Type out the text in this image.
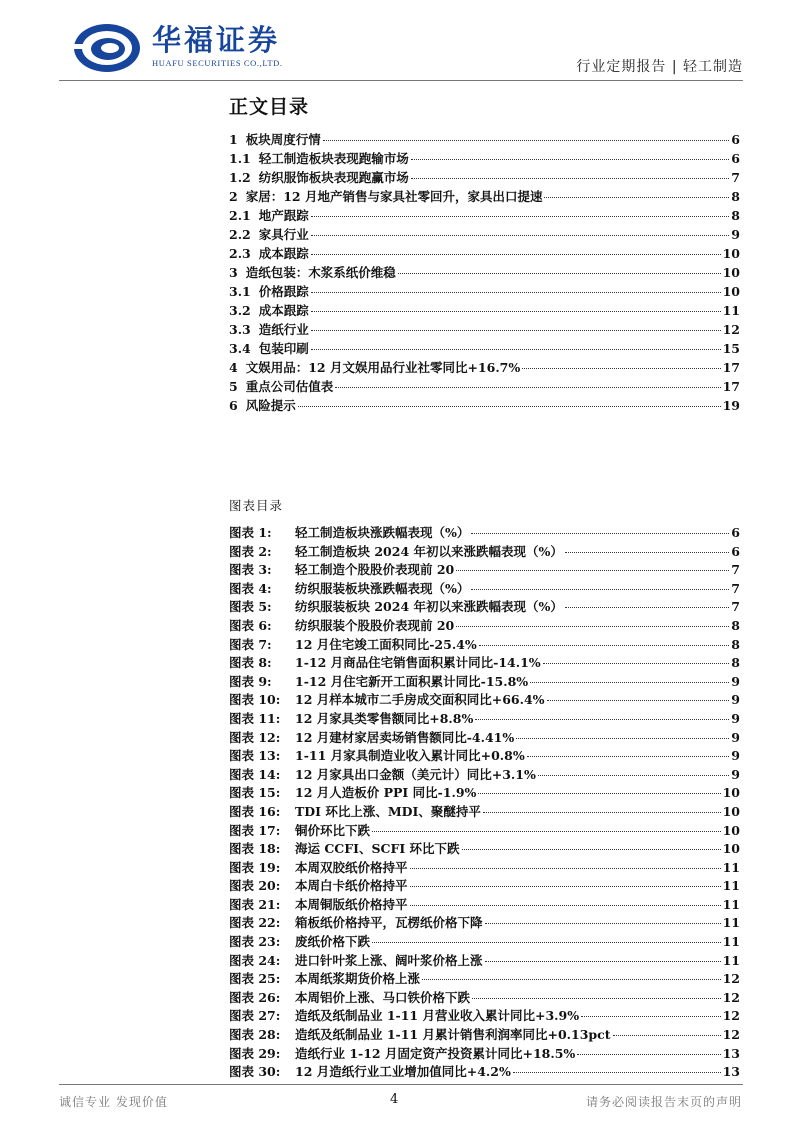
华福证券
HUAFU SECURITIES CO.,LTD.	行业定期报告 | 轻工制造
正文目录
1 板块周度行情	6
1.1 轻工制造板块表现跑输市场	6
1.2 纺织服饰板块表现跑赢市场	7
2 家居：12 月地产销售与家具社零回升，家具出口提速	8
2.1 地产跟踪	8
2.2 家具行业	9
2.3 成本跟踪	10
3 造纸包装：木浆系纸价维稳	10
3.1 价格跟踪	10
3.2 成本跟踪	11
3.3 造纸行业	12
3.4 包装印刷	15
4 文娱用品：12 月文娱用品行业社零同比+16.7%	17
5 重点公司估值表	17
6 风险提示	19
图表目录
图表 1:	轻工制造板块涨跌幅表现（%）	6
图表 2:	轻工制造板块 2024 年初以来涨跌幅表现（%）	6
图表 3:	轻工制造个股股价表现前 20	7
图表 4:	纺织服装板块涨跌幅表现（%）	7
图表 5:	纺织服装板块 2024 年初以来涨跌幅表现（%）	7
图表 6:	纺织服装个股股价表现前 20	8
图表 7:	12 月住宅竣工面积同比-25.4%	8
图表 8:	1-12 月商品住宅销售面积累计同比-14.1%	8
图表 9:	1-12 月住宅新开工面积累计同比-15.8%	9
图表 10:	12 月样本城市二手房成交面积同比+66.4%	9
图表 11:	12 月家具类零售额同比+8.8%	9
图表 12:	12 月建材家居卖场销售额同比-4.41%	9
图表 13:	1-11 月家具制造业收入累计同比+0.8%	9
图表 14:	12 月家具出口金额（美元计）同比+3.1%	9
图表 15:	12 月人造板价 PPI 同比-1.9%	10
图表 16:	TDI 环比上涨、MDI、聚醚持平	10
图表 17:	铜价环比下跌	10
图表 18:	海运 CCFI、SCFI 环比下跌	10
图表 19:	本周双胶纸价格持平	11
图表 20:	本周白卡纸价格持平	11
图表 21:	本周铜版纸价格持平	11
图表 22:	箱板纸价格持平，瓦楞纸价格下降	11
图表 23:	废纸价格下跌	11
图表 24:	进口针叶浆上涨、阔叶浆价格上涨	11
图表 25:	本周纸浆期货价格上涨	12
图表 26:	本周铝价上涨、马口铁价格下跌	12
图表 27:	造纸及纸制品业 1-11 月营业收入累计同比+3.9%	12
图表 28:	造纸及纸制品业 1-11 月累计销售利润率同比+0.13pct	12
图表 29:	造纸行业 1-12 月固定资产投资累计同比+18.5%	13
图表 30:	12 月造纸行业工业增加值同比+4.2%	13
诚信专业 发现价值	4	请务必阅读报告末页的声明
